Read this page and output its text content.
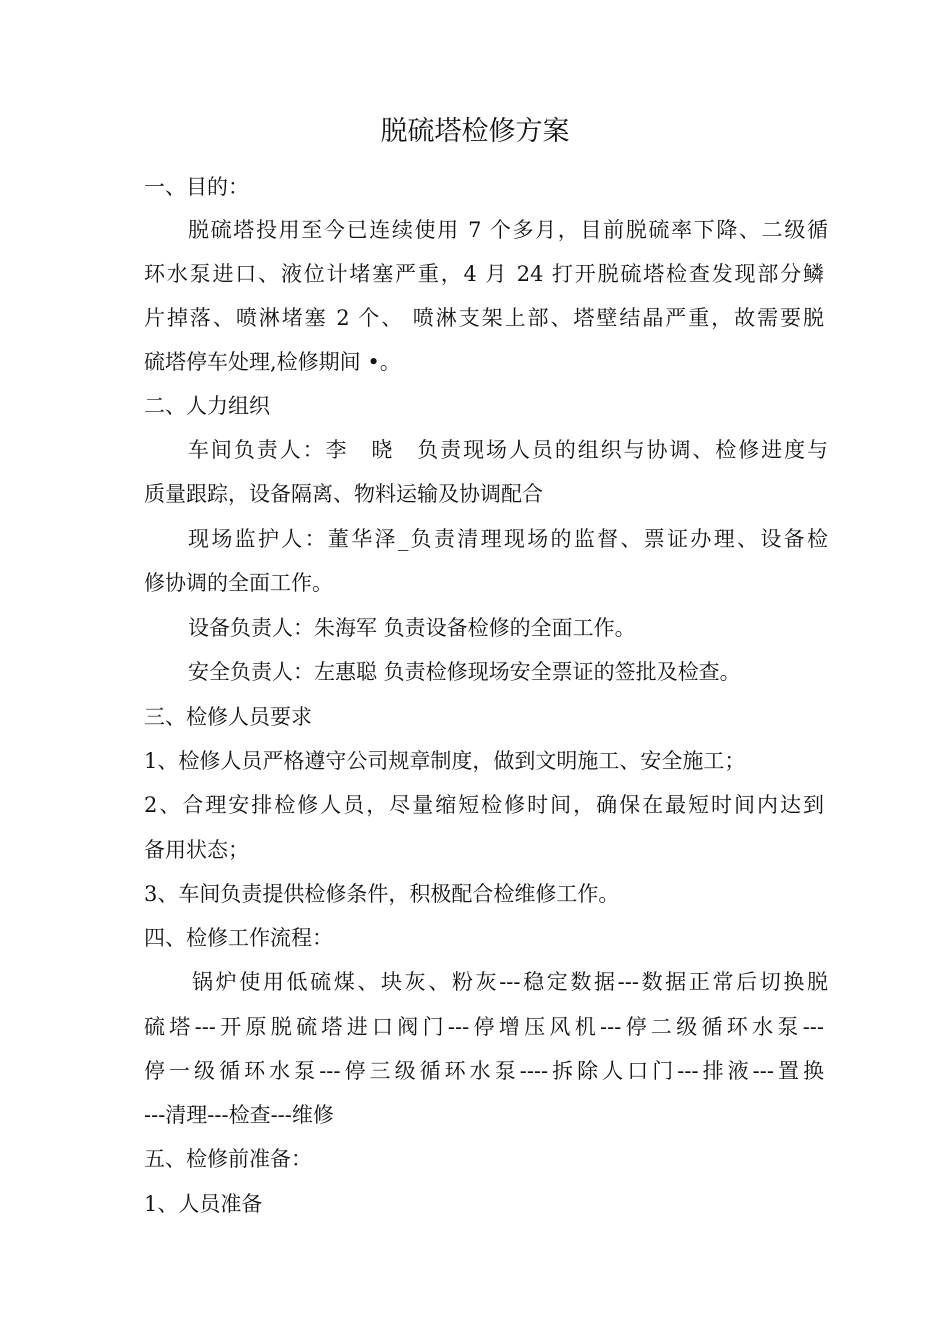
脱硫塔检修方案
一、目的：
脱硫塔投用至今已连续使用 7 个多月，目前脱硫率下降、二级循
环水泵进口、液位计堵塞严重，4 月 24 打开脱硫塔检查发现部分鳞
片掉落、喷淋堵塞 2 个、 喷淋支架上部、塔壁结晶严重，故需要脱
硫塔停车处理,检修期间 •。
二、人力组织
车间负责人：李　晓　负责现场人员的组织与协调、检修进度与
质量跟踪，设备隔离、物料运输及协调配合
现场监护人：董华泽_负责清理现场的监督、票证办理、设备检
修协调的全面工作。
设备负责人：朱海军 负责设备检修的全面工作。
安全负责人：左惠聪 负责检修现场安全票证的签批及检查。
三、检修人员要求
1、检修人员严格遵守公司规章制度，做到文明施工、安全施工；
2、合理安排检修人员，尽量缩短检修时间，确保在最短时间内达到
备用状态；
3、车间负责提供检修条件，积极配合检维修工作。
四、检修工作流程：
锅炉使用低硫煤、块灰、粉灰---稳定数据---数据正常后切换脱
硫塔---开原脱硫塔进口阀门---停增压风机---停二级循环水泵---
停一级循环水泵---停三级循环水泵----拆除人口门---排液---置换
---清理---检查---维修
五、检修前准备：
1、人员准备
